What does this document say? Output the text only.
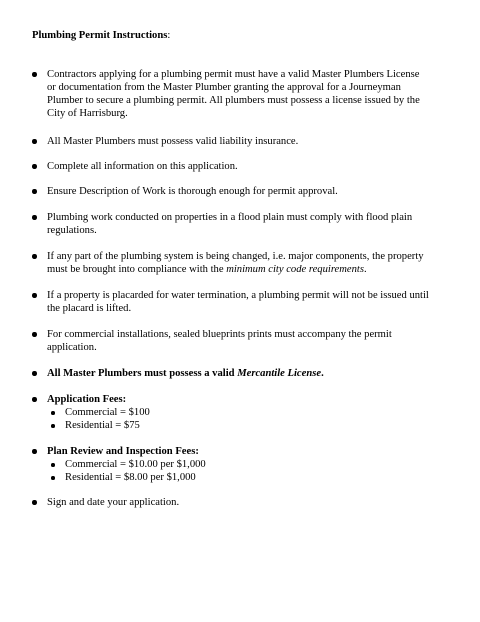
Plumbing Permit Instructions:
Contractors applying for a plumbing permit must have a valid Master Plumbers License
or documentation from the Master Plumber granting the approval for a Journeyman
Plumber to secure a plumbing permit. All plumbers must possess a license issued by the
City of Harrisburg.
All Master Plumbers must possess valid liability insurance.
Complete all information on this application.
Ensure Description of Work is thorough enough for permit approval.
Plumbing work conducted on properties in a flood plain must comply with flood plain
regulations.
If any part of the plumbing system is being changed, i.e. major components, the property
must be brought into compliance with the minimum city code requirements.
If a property is placarded for water termination, a plumbing permit will not be issued until
the placard is lifted.
For commercial installations, sealed blueprints prints must accompany the permit
application.
All Master Plumbers must possess a valid Mercantile License.
Application Fees:
Commercial = $100
Residential = $75
Plan Review and Inspection Fees:
Commercial = $10.00 per $1,000
Residential = $8.00 per $1,000
Sign and date your application.
